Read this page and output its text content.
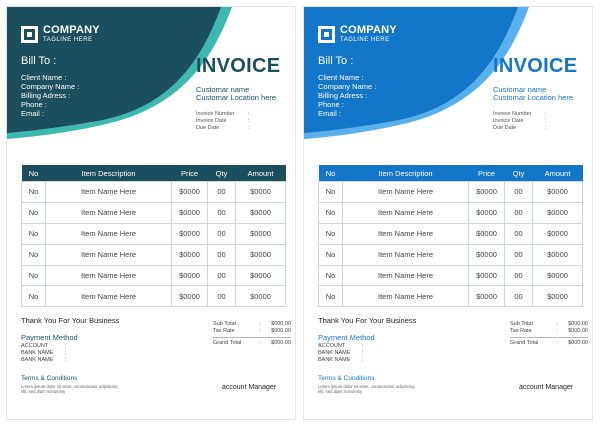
COMPANY
TAGLINE HERE
Bill To :
Client Name :
Company Name :
Billing Adress :
Phone :
Email :
INVOICE
Customar name
Customar Location here
Invoice Number	:
Invoice Date	:
Due Date	:
No	Item Description	Price	Qty	Amount
No	Item Name Here	$0000	00	$0000
No	Item Name Here	$0000	00	$0000
No	Item Name Here	$0000	00	$0000
No	Item Name Here	$0000	00	$0000
No	Item Name Here	$0000	00	$0000
No	Item Name Here	$0000	00	$0000
Thank You For Your Business
Payment Method
ACCOUNT	:
BANK NAME	:
BANK NAME	:
Sub Total	:	$000.00
Tax Rate	:	$000.00
Grand Total	:	$000.00
Terms & Conditions
Lorem ipsum dolor sit amet, consectetuer adipiscing elit, sed diam nonummy
account Manager
COMPANY
TAGLINE HERE
Bill To :
Client Name :
Company Name :
Billing Adress :
Phone :
Email :
INVOICE
Customar name
Customar Location here
Invoice Number	:
Invoice Date	:
Due Date	:
No	Item Description	Price	Qty	Amount
No	Item Name Here	$0000	00	$0000
No	Item Name Here	$0000	00	$0000
No	Item Name Here	$0000	00	$0000
No	Item Name Here	$0000	00	$0000
No	Item Name Here	$0000	00	$0000
No	Item Name Here	$0000	00	$0000
Thank You For Your Business
Payment Method
ACCOUNT	:
BANK NAME	:
BANK NAME	:
Sub Total	:	$000.00
Tax Rate	:	$000.00
Grand Total	:	$000.00
Terms & Conditions
Lorem ipsum dolor sit amet, consectetuer adipiscing elit, sed diam nonummy
account Manager
